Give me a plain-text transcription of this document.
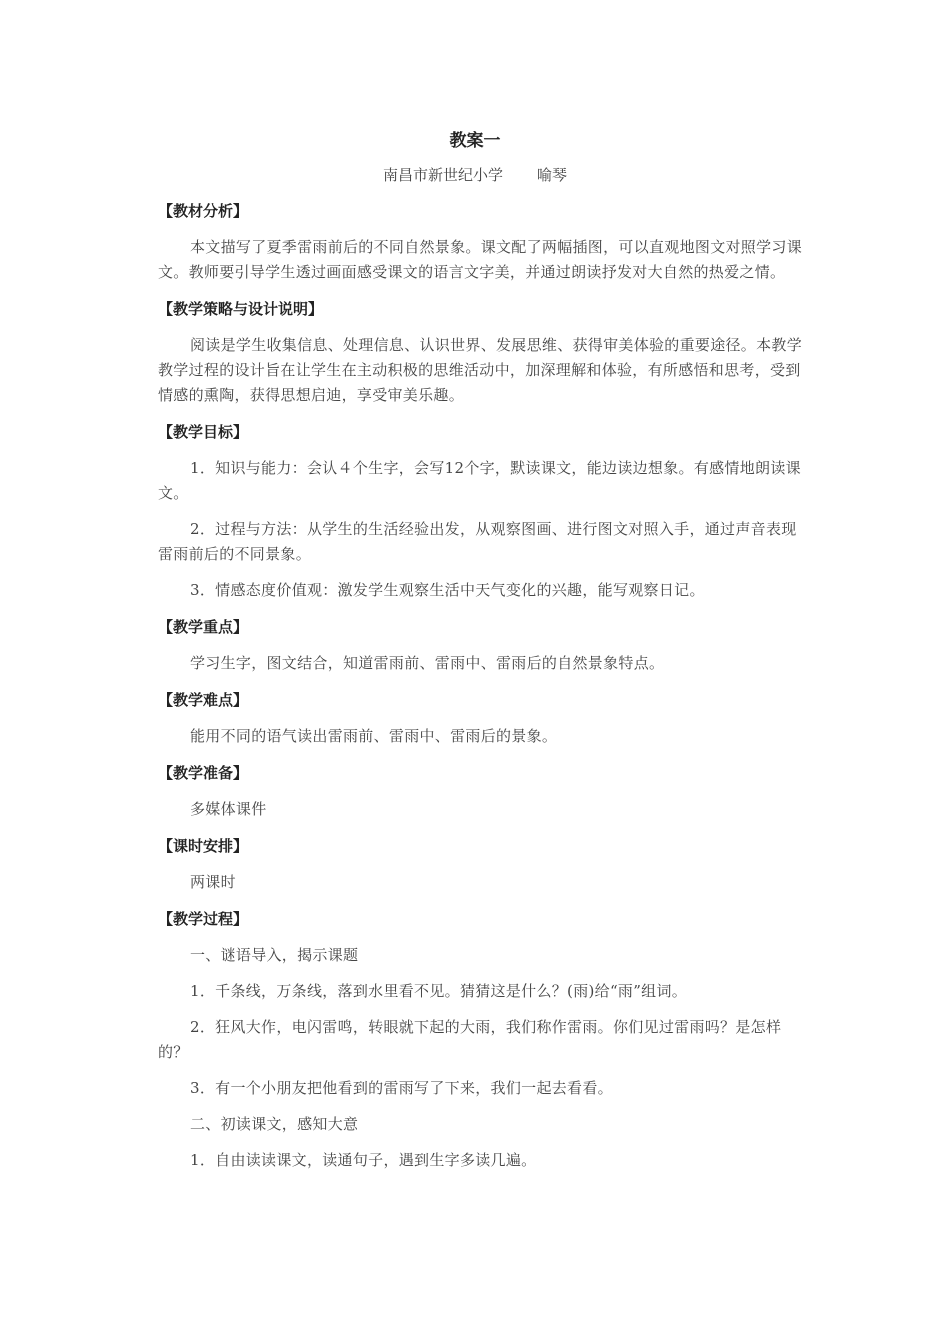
教案一
南昌市新世纪小学 喻琴
【教材分析】

本文描写了夏季雷雨前后的不同自然景象。课文配了两幅插图，可以直观地图文对照学习课文。教师要引导学生透过画面感受课文的语言文字美，并通过朗读抒发对大自然的热爱之情。

【教学策略与设计说明】

阅读是学生收集信息、处理信息、认识世界、发展思维、获得审美体验的重要途径。本教学教学过程的设计旨在让学生在主动积极的思维活动中，加深理解和体验，有所感悟和思考，受到情感的熏陶，获得思想启迪，享受审美乐趣。

【教学目标】

1．知识与能力：会认４个生字，会写12个字，默读课文，能边读边想象。有感情地朗读课文。

2．过程与方法：从学生的生活经验出发，从观察图画、进行图文对照入手，通过声音表现雷雨前后的不同景象。

3．情感态度价值观：激发学生观察生活中天气变化的兴趣，能写观察日记。

【教学重点】

学习生字，图文结合，知道雷雨前、雷雨中、雷雨后的自然景象特点。

【教学难点】

能用不同的语气读出雷雨前、雷雨中、雷雨后的景象。

【教学准备】

多媒体课件

【课时安排】

两课时

【教学过程】

一、谜语导入，揭示课题

1．千条线，万条线，落到水里看不见。猜猜这是什么？(雨)给“雨”组词。

2．狂风大作，电闪雷鸣，转眼就下起的大雨，我们称作雷雨。你们见过雷雨吗？是怎样的？

3．有一个小朋友把他看到的雷雨写了下来，我们一起去看看。

二、初读课文，感知大意

1．自由读读课文，读通句子，遇到生字多读几遍。
